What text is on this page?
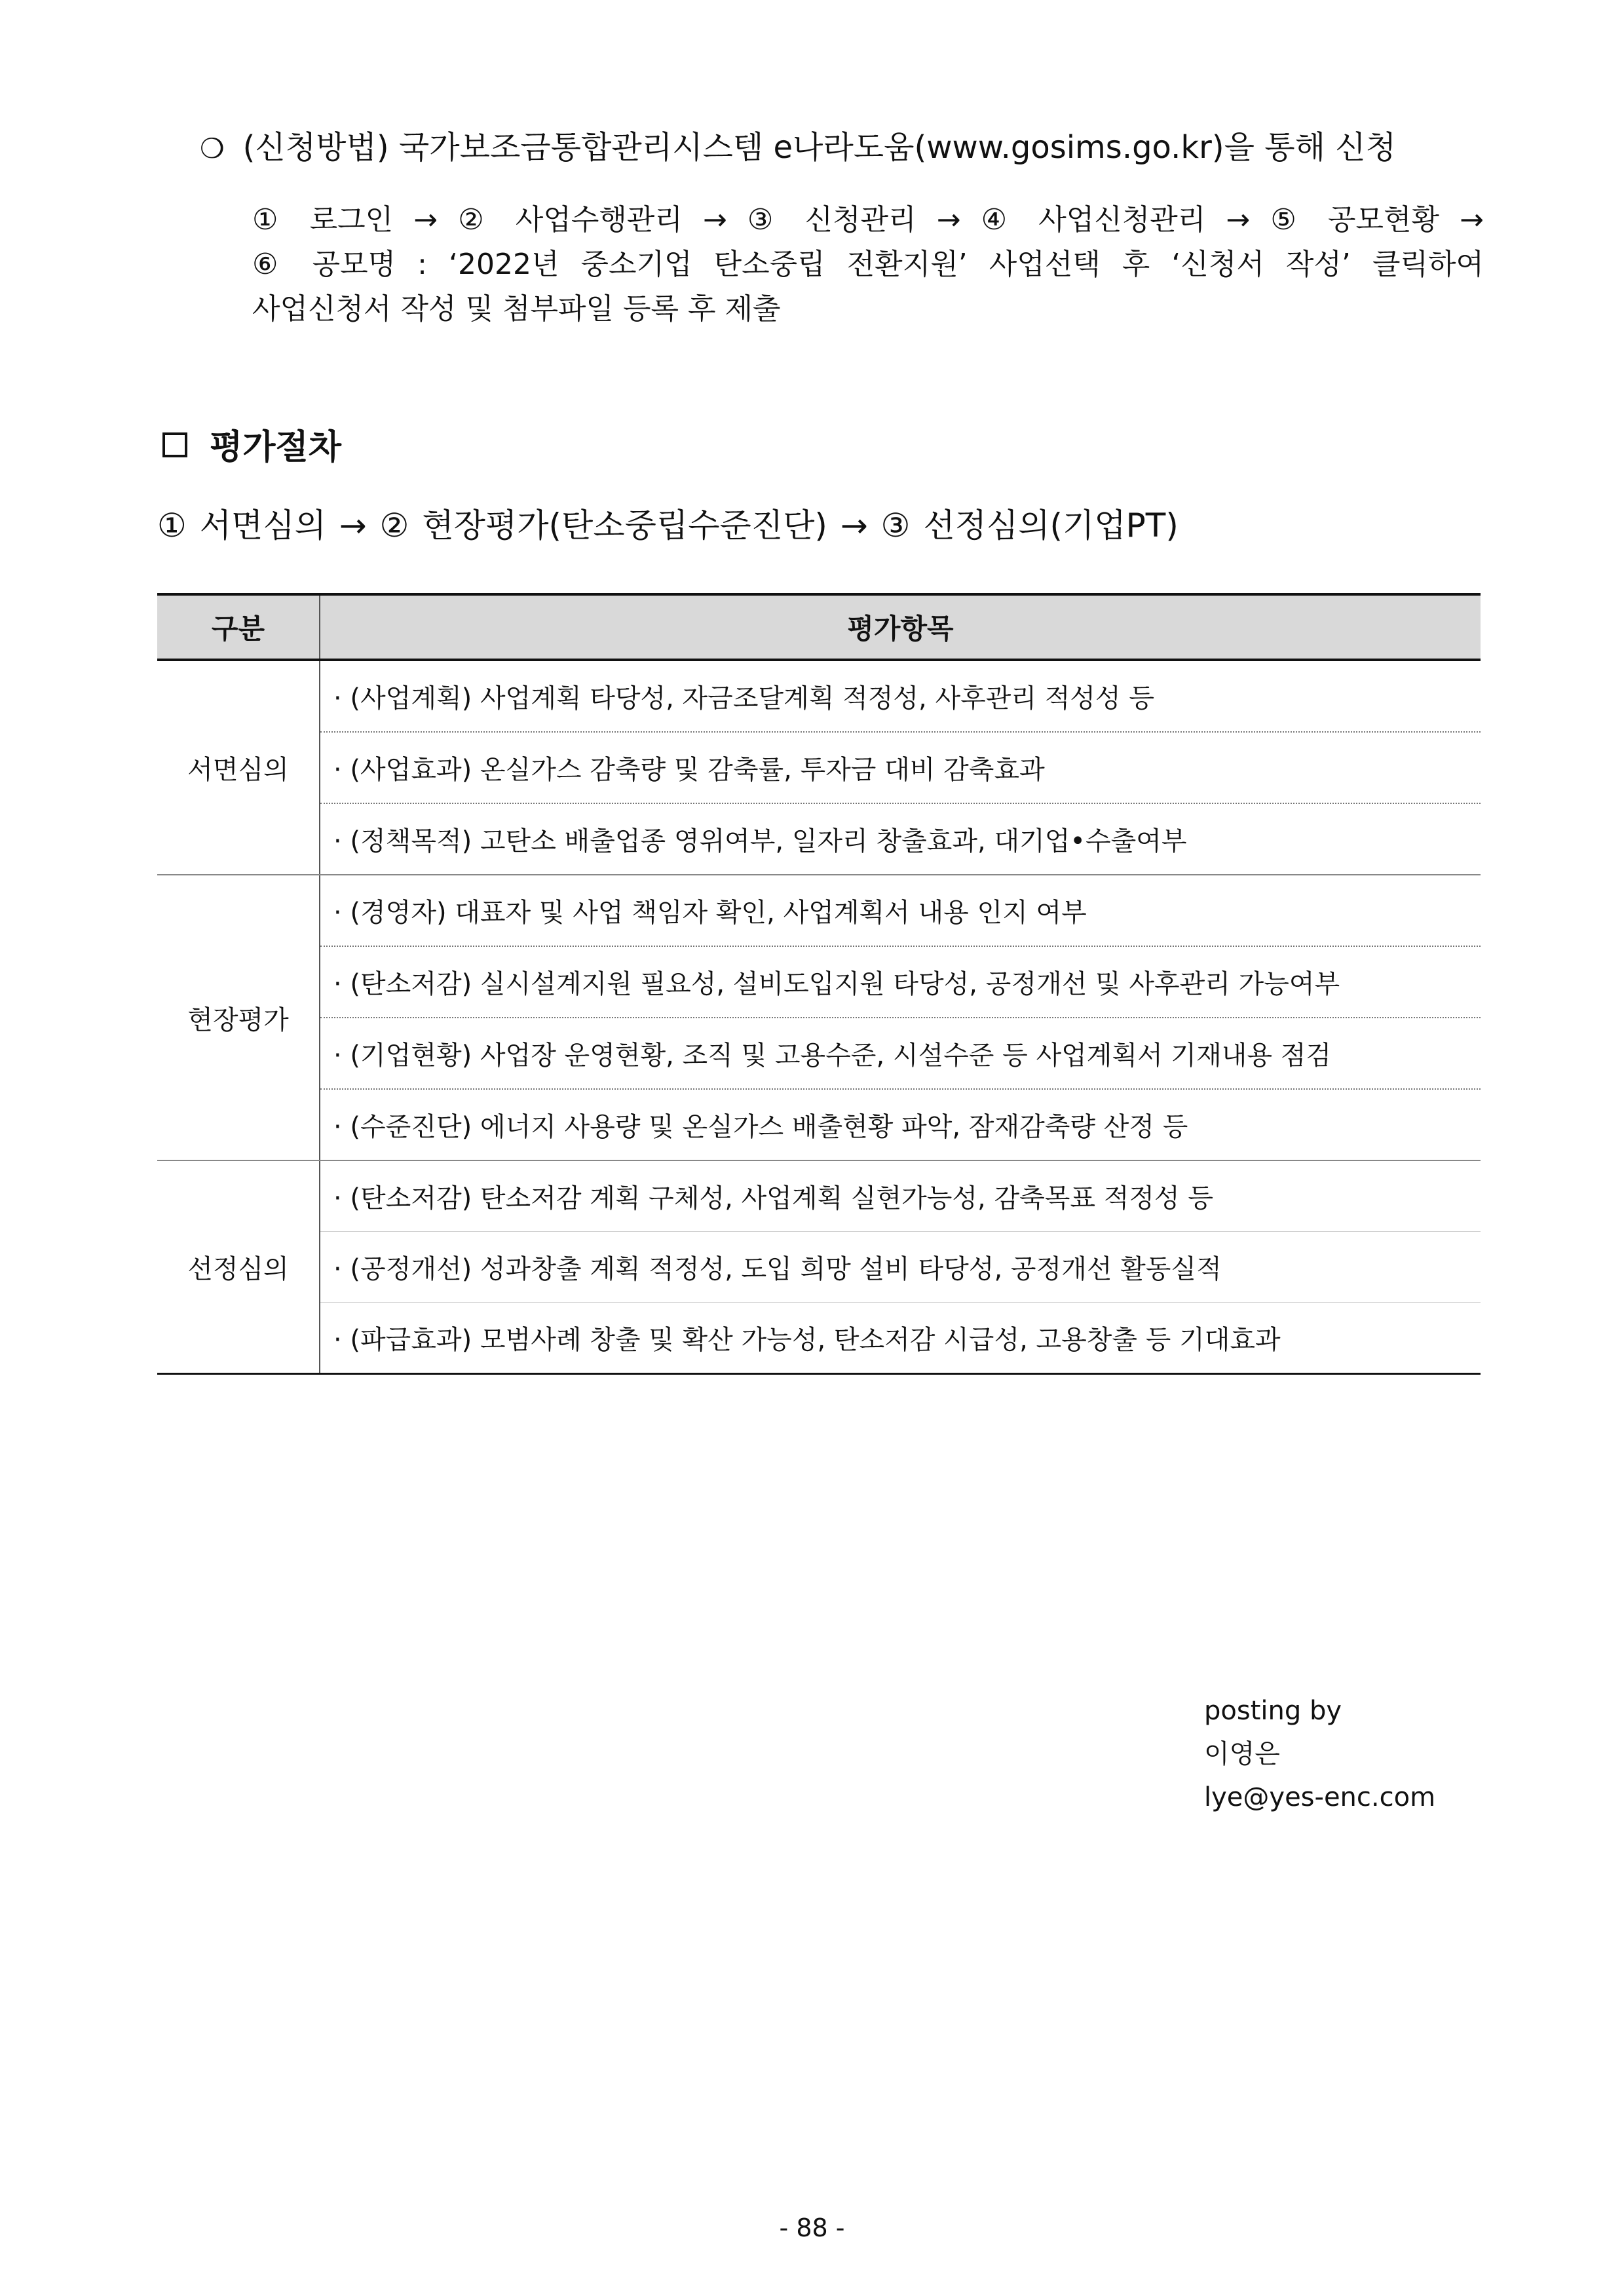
❍ (신청방법) 국가보조금통합관리시스템 e나라도움(www.gosims.go.kr)을 통해 신청
① 로그인 → ② 사업수행관리 → ③ 신청관리 → ④ 사업신청관리 → ⑤ 공모현황 →
⑥ 공모명 : ‘2022년 중소기업 탄소중립 전환지원’ 사업선택 후 ‘신청서 작성’ 클릭하여
사업신청서 작성 및 첨부파일 등록 후 제출
평가절차
① 서면심의 → ② 현장평가(탄소중립수준진단) → ③ 선정심의(기업PT)
구분	평가항목
서면심의	· (사업계획) 사업계획 타당성, 자금조달계획 적정성, 사후관리 적성성 등
	· (사업효과) 온실가스 감축량 및 감축률, 투자금 대비 감축효과
	· (정책목적) 고탄소 배출업종 영위여부, 일자리 창출효과, 대기업•수출여부
현장평가	· (경영자) 대표자 및 사업 책임자 확인, 사업계획서 내용 인지 여부
	· (탄소저감) 실시설계지원 필요성, 설비도입지원 타당성, 공정개선 및 사후관리 가능여부
	· (기업현황) 사업장 운영현황, 조직 및 고용수준, 시설수준 등 사업계획서 기재내용 점검
	· (수준진단) 에너지 사용량 및 온실가스 배출현황 파악, 잠재감축량 산정 등
선정심의	· (탄소저감) 탄소저감 계획 구체성, 사업계획 실현가능성, 감축목표 적정성 등
	· (공정개선) 성과창출 계획 적정성, 도입 희망 설비 타당성, 공정개선 활동실적
	· (파급효과) 모범사례 창출 및 확산 가능성, 탄소저감 시급성, 고용창출 등 기대효과
posting by
이영은
lye@yes-enc.com
- 88 -
